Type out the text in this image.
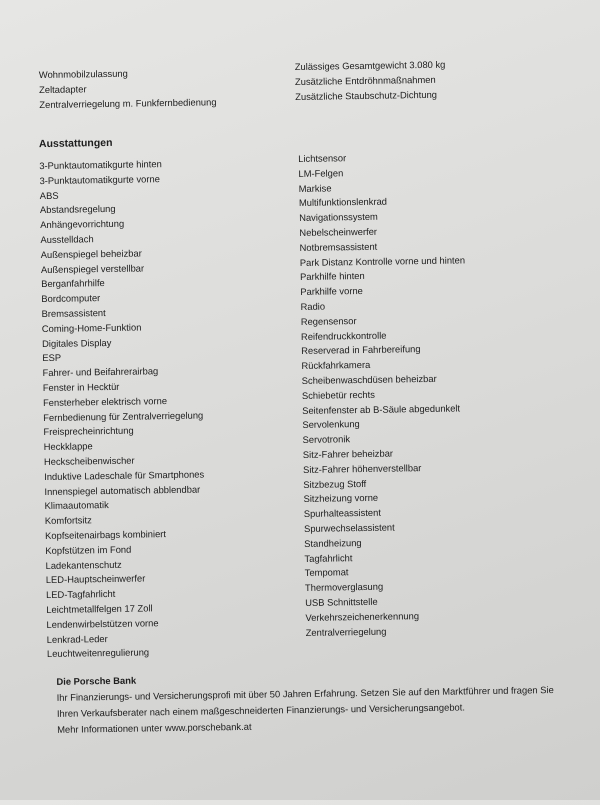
Wohnmobilzulassung
Zeltadapter
Zentralverriegelung m. Funkfernbedienung
Zulässiges Gesamtgewicht 3.080 kg
Zusätzliche Entdröhnmaßnahmen
Zusätzliche Staubschutz-Dichtung
Ausstattungen
3-Punktautomatikgurte hinten
3-Punktautomatikgurte vorne
ABS
Abstandsregelung
Anhängevorrichtung
Ausstelldach
Außenspiegel beheizbar
Außenspiegel verstellbar
Berganfahrhilfe
Bordcomputer
Bremsassistent
Coming-Home-Funktion
Digitales Display
ESP
Fahrer- und Beifahrerairbag
Fenster in Hecktür
Fensterheber elektrisch vorne
Fernbedienung für Zentralverriegelung
Freisprecheinrichtung
Heckklappe
Heckscheibenwischer
Induktive Ladeschale für Smartphones
Innenspiegel automatisch abblendbar
Klimaautomatik
Komfortsitz
Kopfseitenairbags kombiniert
Kopfstützen im Fond
Ladekantenschutz
LED-Hauptscheinwerfer
LED-Tagfahrlicht
Leichtmetallfelgen 17 Zoll
Lendenwirbelstützen vorne
Lenkrad-Leder
Leuchtweitenregulierung
Lichtsensor
LM-Felgen
Markise
Multifunktionslenkrad
Navigationssystem
Nebelscheinwerfer
Notbremsassistent
Park Distanz Kontrolle vorne und hinten
Parkhilfe hinten
Parkhilfe vorne
Radio
Regensensor
Reifendruckkontrolle
Reserverad in Fahrbereifung
Rückfahrkamera
Scheibenwaschdüsen beheizbar
Schiebetür rechts
Seitenfenster ab B-Säule abgedunkelt
Servolenkung
Servotronik
Sitz-Fahrer beheizbar
Sitz-Fahrer höhenverstellbar
Sitzbezug Stoff
Sitzheizung vorne
Spurhalteassistent
Spurwechselassistent
Standheizung
Tagfahrlicht
Tempomat
Thermoverglasung
USB Schnittstelle
Verkehrszeichenerkennung
Zentralverriegelung
Die Porsche Bank
Ihr Finanzierungs- und Versicherungsprofi mit über 50 Jahren Erfahrung. Setzen Sie auf den Marktführer und fragen Sie Ihren Verkaufsberater nach einem maßgeschneiderten Finanzierungs- und Versicherungsangebot.
Mehr Informationen unter www.porschebank.at
